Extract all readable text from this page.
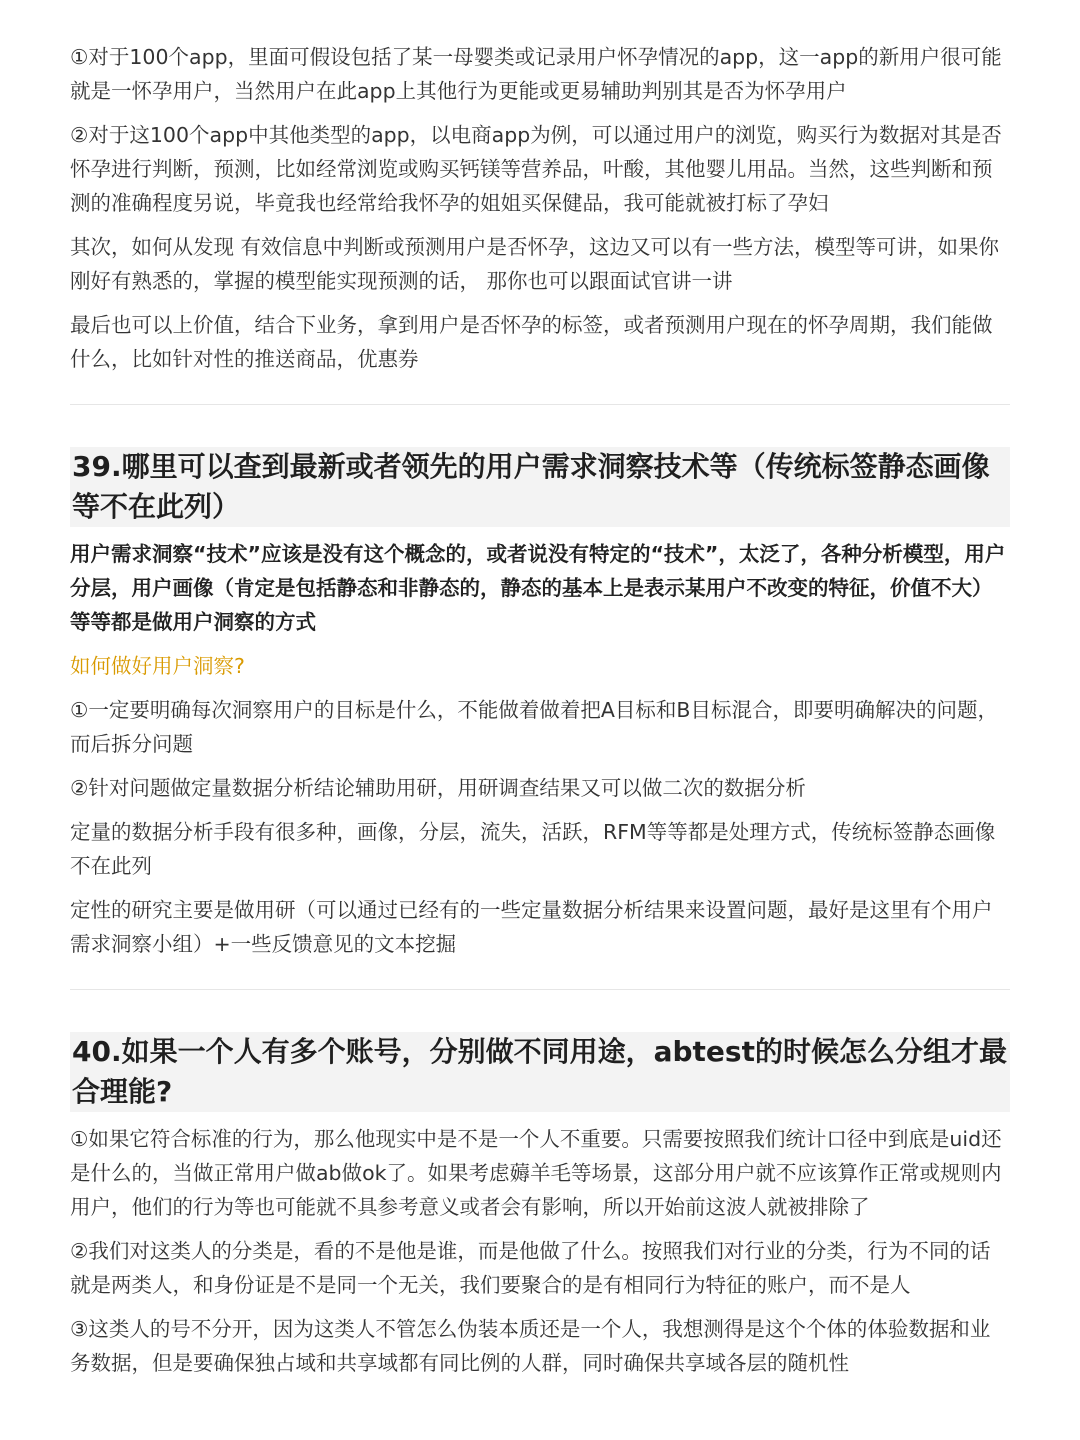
①对于100个app，里面可假设包括了某一母婴类或记录用户怀孕情况的app，这一app的新用户很可能就是一怀孕用户，当然用户在此app上其他行为更能或更易辅助判别其是否为怀孕用户

②对于这100个app中其他类型的app，以电商app为例，可以通过用户的浏览，购买行为数据对其是否怀孕进行判断，预测，比如经常浏览或购买钙镁等营养品，叶酸，其他婴儿用品。当然，这些判断和预测的准确程度另说，毕竟我也经常给我怀孕的姐姐买保健品，我可能就被打标了孕妇

其次，如何从发现 有效信息中判断或预测用户是否怀孕，这边又可以有一些方法，模型等可讲，如果你刚好有熟悉的，掌握的模型能实现预测的话， 那你也可以跟面试官讲一讲

最后也可以上价值，结合下业务，拿到用户是否怀孕的标签，或者预测用户现在的怀孕周期，我们能做什么，比如针对性的推送商品，优惠券

39.哪里可以查到最新或者领先的用户需求洞察技术等（传统标签静态画像等不在此列）

用户需求洞察“技术”应该是没有这个概念的，或者说没有特定的“技术”，太泛了，各种分析模型，用户分层，用户画像（肯定是包括静态和非静态的，静态的基本上是表示某用户不改变的特征，价值不大）等等都是做用户洞察的方式

如何做好用户洞察?

①一定要明确每次洞察用户的目标是什么，不能做着做着把A目标和B目标混合，即要明确解决的问题，而后拆分问题

②针对问题做定量数据分析结论辅助用研，用研调查结果又可以做二次的数据分析

定量的数据分析手段有很多种，画像，分层，流失，活跃，RFM等等都是处理方式，传统标签静态画像不在此列

定性的研究主要是做用研（可以通过已经有的一些定量数据分析结果来设置问题，最好是这里有个用户需求洞察小组）+一些反馈意见的文本挖掘

40.如果一个人有多个账号，分别做不同用途，abtest的时候怎么分组才最合理能?

①如果它符合标准的行为，那么他现实中是不是一个人不重要。只需要按照我们统计口径中到底是uid还是什么的，当做正常用户做ab做ok了。如果考虑薅羊毛等场景，这部分用户就不应该算作正常或规则内用户，他们的行为等也可能就不具参考意义或者会有影响，所以开始前这波人就被排除了

②我们对这类人的分类是，看的不是他是谁，而是他做了什么。按照我们对行业的分类，行为不同的话就是两类人，和身份证是不是同一个无关，我们要聚合的是有相同行为特征的账户，而不是人

③这类人的号不分开，因为这类人不管怎么伪装本质还是一个人，我想测得是这个个体的体验数据和业务数据，但是要确保独占域和共享域都有同比例的人群，同时确保共享域各层的随机性
